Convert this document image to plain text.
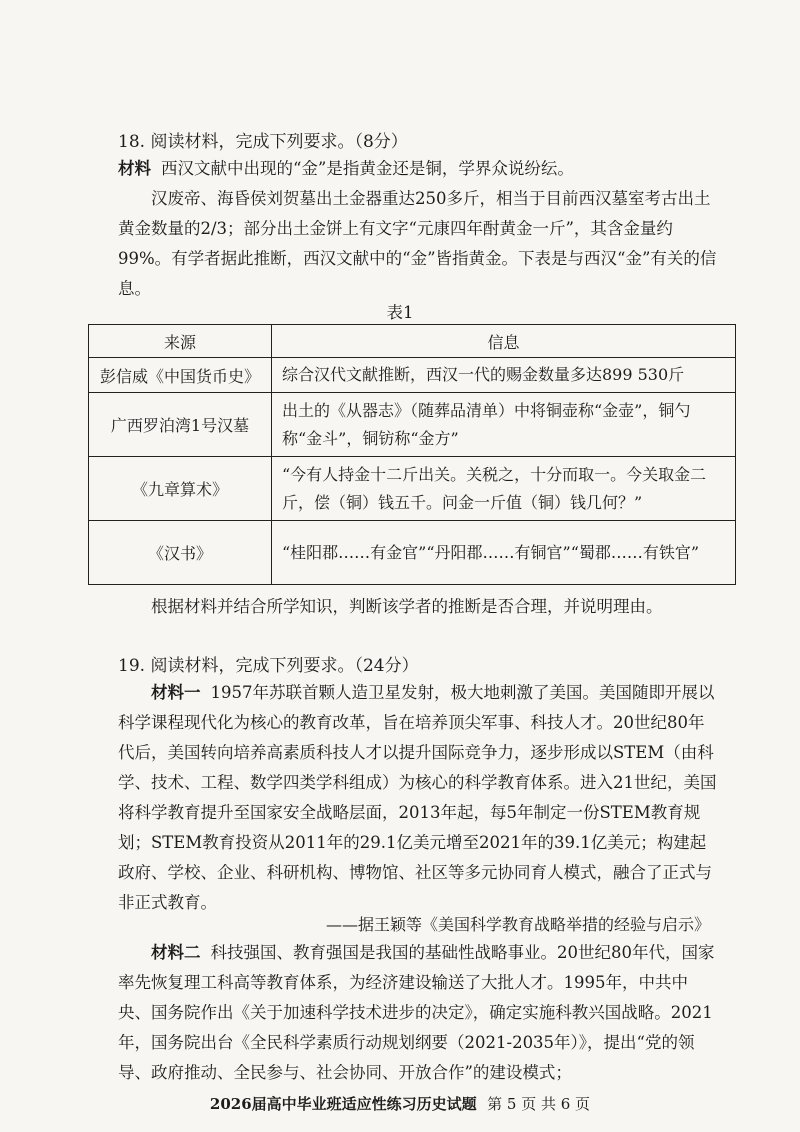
18. 阅读材料，完成下列要求。（8分）

材料 西汉文献中出现的“金”是指黄金还是铜，学界众说纷纭。

汉废帝、海昏侯刘贺墓出土金器重达250多斤，相当于目前西汉墓室考古出土黄金数量的2/3；部分出土金饼上有文字“元康四年酎黄金一斤”，其含金量约99%。有学者据此推断，西汉文献中的“金”皆指黄金。下表是与西汉“金”有关的信息。

表1
来源	信息
彭信威《中国货币史》	综合汉代文献推断，西汉一代的赐金数量多达899 530斤
广西罗泊湾1号汉墓	出土的《从器志》（随葬品清单）中将铜壶称“金壶”，铜勺称“金斗”，铜钫称“金方”
《九章算术》	“今有人持金十二斤出关。关税之，十分而取一。今关取金二斤，偿（铜）钱五千。问金一斤值（铜）钱几何？”
《汉书》	“桂阳郡……有金官”“丹阳郡……有铜官”“蜀郡……有铁官”

根据材料并结合所学知识，判断该学者的推断是否合理，并说明理由。

19. 阅读材料，完成下列要求。（24分）

材料一 1957年苏联首颗人造卫星发射，极大地刺激了美国。美国随即开展以科学课程现代化为核心的教育改革，旨在培养顶尖军事、科技人才。20世纪80年代后，美国转向培养高素质科技人才以提升国际竞争力，逐步形成以STEM（由科学、技术、工程、数学四类学科组成）为核心的科学教育体系。进入21世纪，美国将科学教育提升至国家安全战略层面，2013年起，每5年制定一份STEM教育规划；STEM教育投资从2011年的29.1亿美元增至2021年的39.1亿美元；构建起政府、学校、企业、科研机构、博物馆、社区等多元协同育人模式，融合了正式与非正式教育。

——据王颖等《美国科学教育战略举措的经验与启示》

材料二 科技强国、教育强国是我国的基础性战略事业。20世纪80年代，国家率先恢复理工科高等教育体系，为经济建设输送了大批人才。1995年，中共中央、国务院作出《关于加速科学技术进步的决定》，确定实施科教兴国战略。2021年，国务院出台《全民科学素质行动规划纲要（2021-2035年）》，提出“党的领导、政府推动、全民参与、社会协同、开放合作”的建设模式；

2026届高中毕业班适应性练习历史试题 第 5 页 共 6 页
